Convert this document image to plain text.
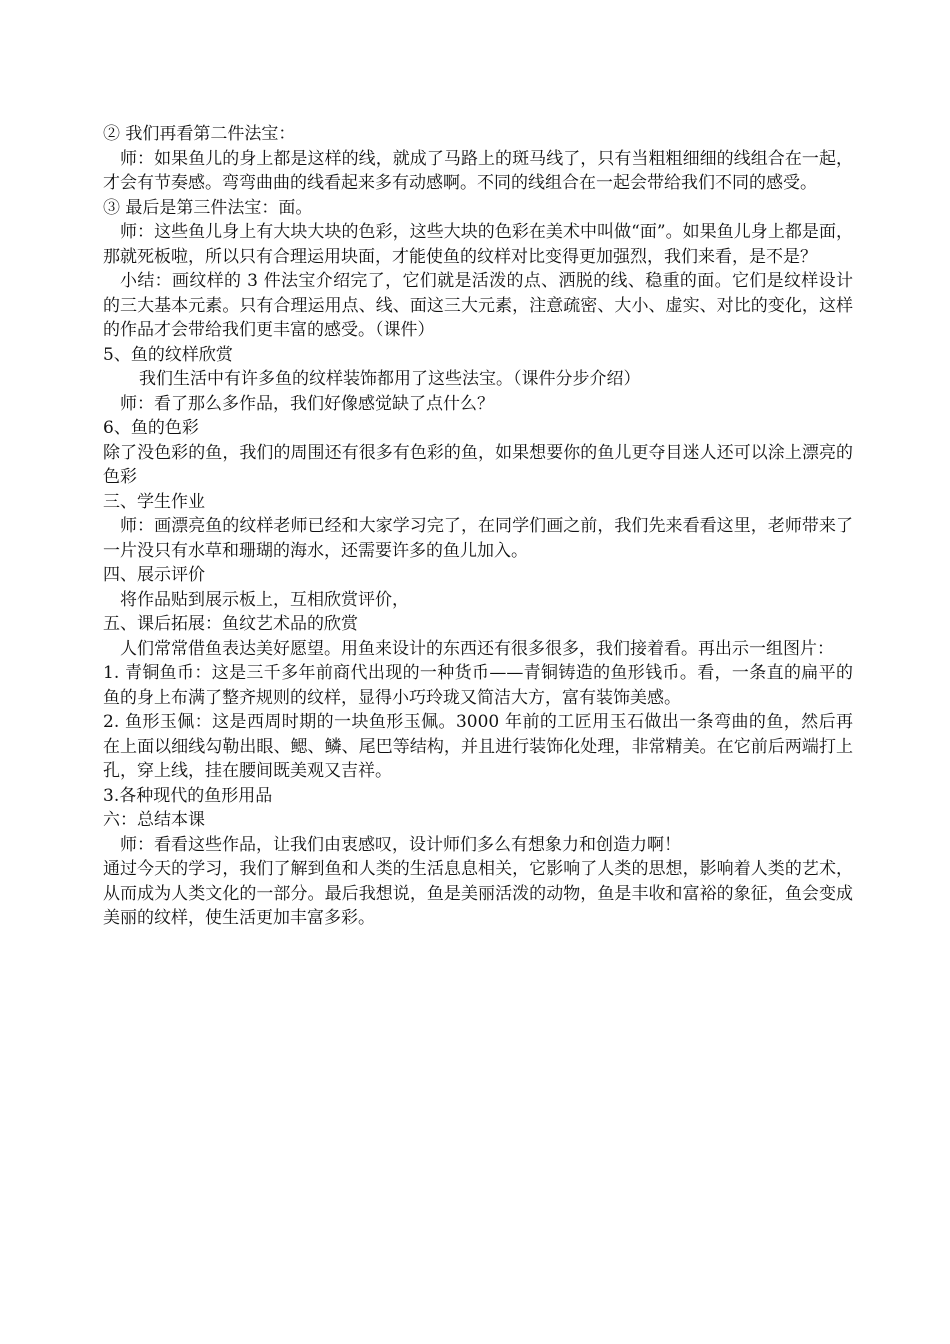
② 我们再看第二件法宝：

师：如果鱼儿的身上都是这样的线，就成了马路上的斑马线了，只有当粗粗细细的线组合在一起，才会有节奏感。弯弯曲曲的线看起来多有动感啊。不同的线组合在一起会带给我们不同的感受。

③ 最后是第三件法宝：面。

师：这些鱼儿身上有大块大块的色彩，这些大块的色彩在美术中叫做“面”。如果鱼儿身上都是面，那就死板啦，所以只有合理运用块面，才能使鱼的纹样对比变得更加强烈，我们来看，是不是？

小结：画纹样的 3 件法宝介绍完了，它们就是活泼的点、洒脱的线、稳重的面。它们是纹样设计的三大基本元素。只有合理运用点、线、面这三大元素，注意疏密、大小、虚实、对比的变化，这样的作品才会带给我们更丰富的感受。（课件）

5、鱼的纹样欣赏

我们生活中有许多鱼的纹样装饰都用了这些法宝。（课件分步介绍）

师：看了那么多作品，我们好像感觉缺了点什么？

6、鱼的色彩

除了没色彩的鱼，我们的周围还有很多有色彩的鱼，如果想要你的鱼儿更夺目迷人还可以涂上漂亮的色彩

三、学生作业

师：画漂亮鱼的纹样老师已经和大家学习完了，在同学们画之前，我们先来看看这里，老师带来了一片没只有水草和珊瑚的海水，还需要许多的鱼儿加入。

四、展示评价

将作品贴到展示板上，互相欣赏评价，

五、课后拓展：鱼纹艺术品的欣赏

人们常常借鱼表达美好愿望。用鱼来设计的东西还有很多很多，我们接着看。再出示一组图片：

1. 青铜鱼币：这是三千多年前商代出现的一种货币——青铜铸造的鱼形钱币。看，一条直的扁平的鱼的身上布满了整齐规则的纹样，显得小巧玲珑又简洁大方，富有装饰美感。

2. 鱼形玉佩：这是西周时期的一块鱼形玉佩。3000 年前的工匠用玉石做出一条弯曲的鱼，然后再在上面以细线勾勒出眼、鳃、鳞、尾巴等结构，并且进行装饰化处理，非常精美。在它前后两端打上孔，穿上线，挂在腰间既美观又吉祥。

3.各种现代的鱼形用品

六：总结本课

师：看看这些作品，让我们由衷感叹，设计师们多么有想象力和创造力啊！

通过今天的学习，我们了解到鱼和人类的生活息息相关，它影响了人类的思想，影响着人类的艺术，从而成为人类文化的一部分。最后我想说，鱼是美丽活泼的动物，鱼是丰收和富裕的象征，鱼会变成美丽的纹样，使生活更加丰富多彩。
